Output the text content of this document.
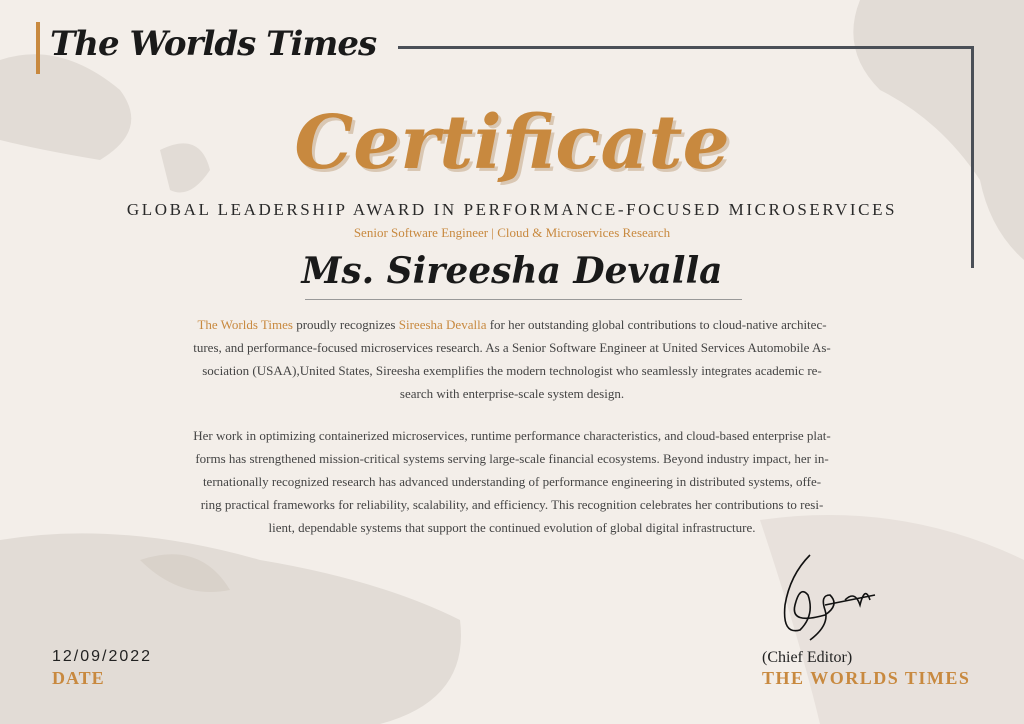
The Worlds Times
Certificate
GLOBAL LEADERSHIP AWARD IN PERFORMANCE-FOCUSED MICROSERVICES
Senior Software Engineer | Cloud & Microservices Research
Ms. Sireesha Devalla
The Worlds Times proudly recognizes Sireesha Devalla for her outstanding global contributions to cloud-native architec-
tures, and performance-focused microservices research. As a Senior Software Engineer at United Services Automobile As-
sociation (USAA),United States, Sireesha exemplifies the modern technologist who seamlessly integrates academic re-
search with enterprise-scale system design.
Her work in optimizing containerized microservices, runtime performance characteristics, and cloud-based enterprise plat-
forms has strengthened mission-critical systems serving large-scale financial ecosystems. Beyond industry impact, her in-
ternationally recognized research has advanced understanding of performance engineering in distributed systems, offe-
ring practical frameworks for reliability, scalability, and efficiency. This recognition celebrates her contributions to resi-
lient, dependable systems that support the continued evolution of global digital infrastructure.
12/09/2022
DATE
(Chief Editor)
THE WORLDS TIMES
